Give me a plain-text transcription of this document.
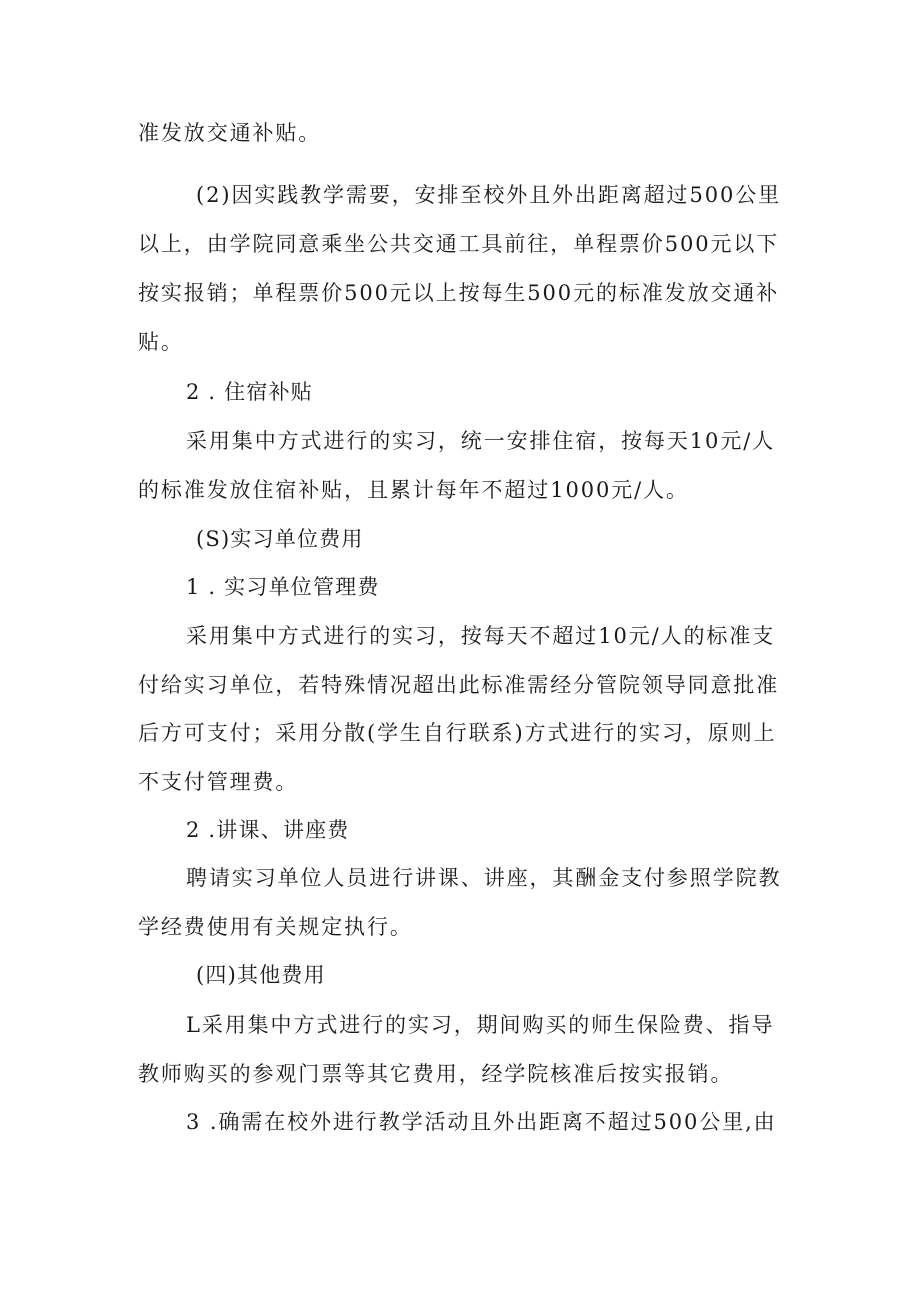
准发放交通补贴。
(2)因实践教学需要，安排至校外且外出距离超过500公里
以上，由学院同意乘坐公共交通工具前往，单程票价500元以下
按实报销；单程票价500元以上按每生500元的标准发放交通补
贴。
2 . 住宿补贴
采用集中方式进行的实习，统一安排住宿，按每天10元/人
的标准发放住宿补贴，且累计每年不超过1000元/人。
(S)实习单位费用
1 . 实习单位管理费
采用集中方式进行的实习，按每天不超过10元/人的标准支
付给实习单位，若特殊情况超出此标准需经分管院领导同意批准
后方可支付；采用分散(学生自行联系)方式进行的实习，原则上
不支付管理费。
2 .讲课、讲座费
聘请实习单位人员进行讲课、讲座，其酬金支付参照学院教
学经费使用有关规定执行。
(四)其他费用
L采用集中方式进行的实习，期间购买的师生保险费、指导
教师购买的参观门票等其它费用，经学院核准后按实报销。
3 .确需在校外进行教学活动且外出距离不超过500公里,由
